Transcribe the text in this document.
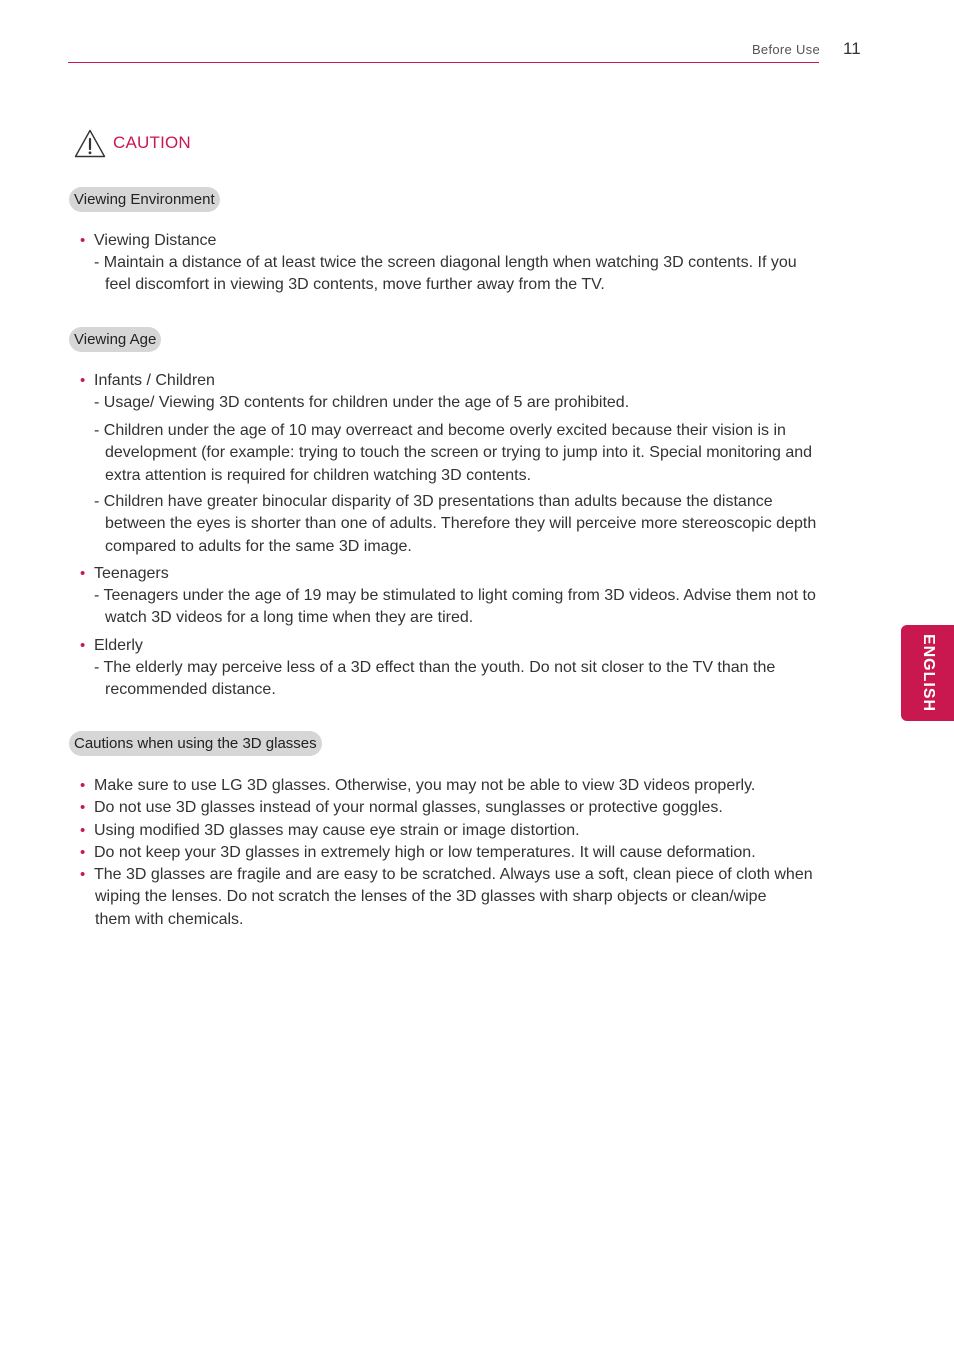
Before Use 11
CAUTION
Viewing Environment
• Viewing Distance
- Maintain a distance of at least twice the screen diagonal length when watching 3D contents. If you
feel discomfort in viewing 3D contents, move further away from the TV.
Viewing Age
• Infants / Children
- Usage/ Viewing 3D contents for children under the age of 5 are prohibited.
- Children under the age of 10 may overreact and become overly excited because their vision is in
development (for example: trying to touch the screen or trying to jump into it. Special monitoring and
extra attention is required for children watching 3D contents.
- Children have greater binocular disparity of 3D presentations than adults because the distance
between the eyes is shorter than one of adults. Therefore they will perceive more stereoscopic depth
compared to adults for the same 3D image.
• Teenagers
- Teenagers under the age of 19 may be stimulated to light coming from 3D videos. Advise them not to
watch 3D videos for a long time when they are tired.
• Elderly
- The elderly may perceive less of a 3D effect than the youth. Do not sit closer to the TV than the
recommended distance.
Cautions when using the 3D glasses
• Make sure to use LG 3D glasses. Otherwise, you may not be able to view 3D videos properly.
• Do not use 3D glasses instead of your normal glasses, sunglasses or protective goggles.
• Using modified 3D glasses may cause eye strain or image distortion.
• Do not keep your 3D glasses in extremely high or low temperatures. It will cause deformation.
• The 3D glasses are fragile and are easy to be scratched. Always use a soft, clean piece of cloth when
wiping the lenses. Do not scratch the lenses of the 3D glasses with sharp objects or clean/wipe
them with chemicals.
ENGLISH
